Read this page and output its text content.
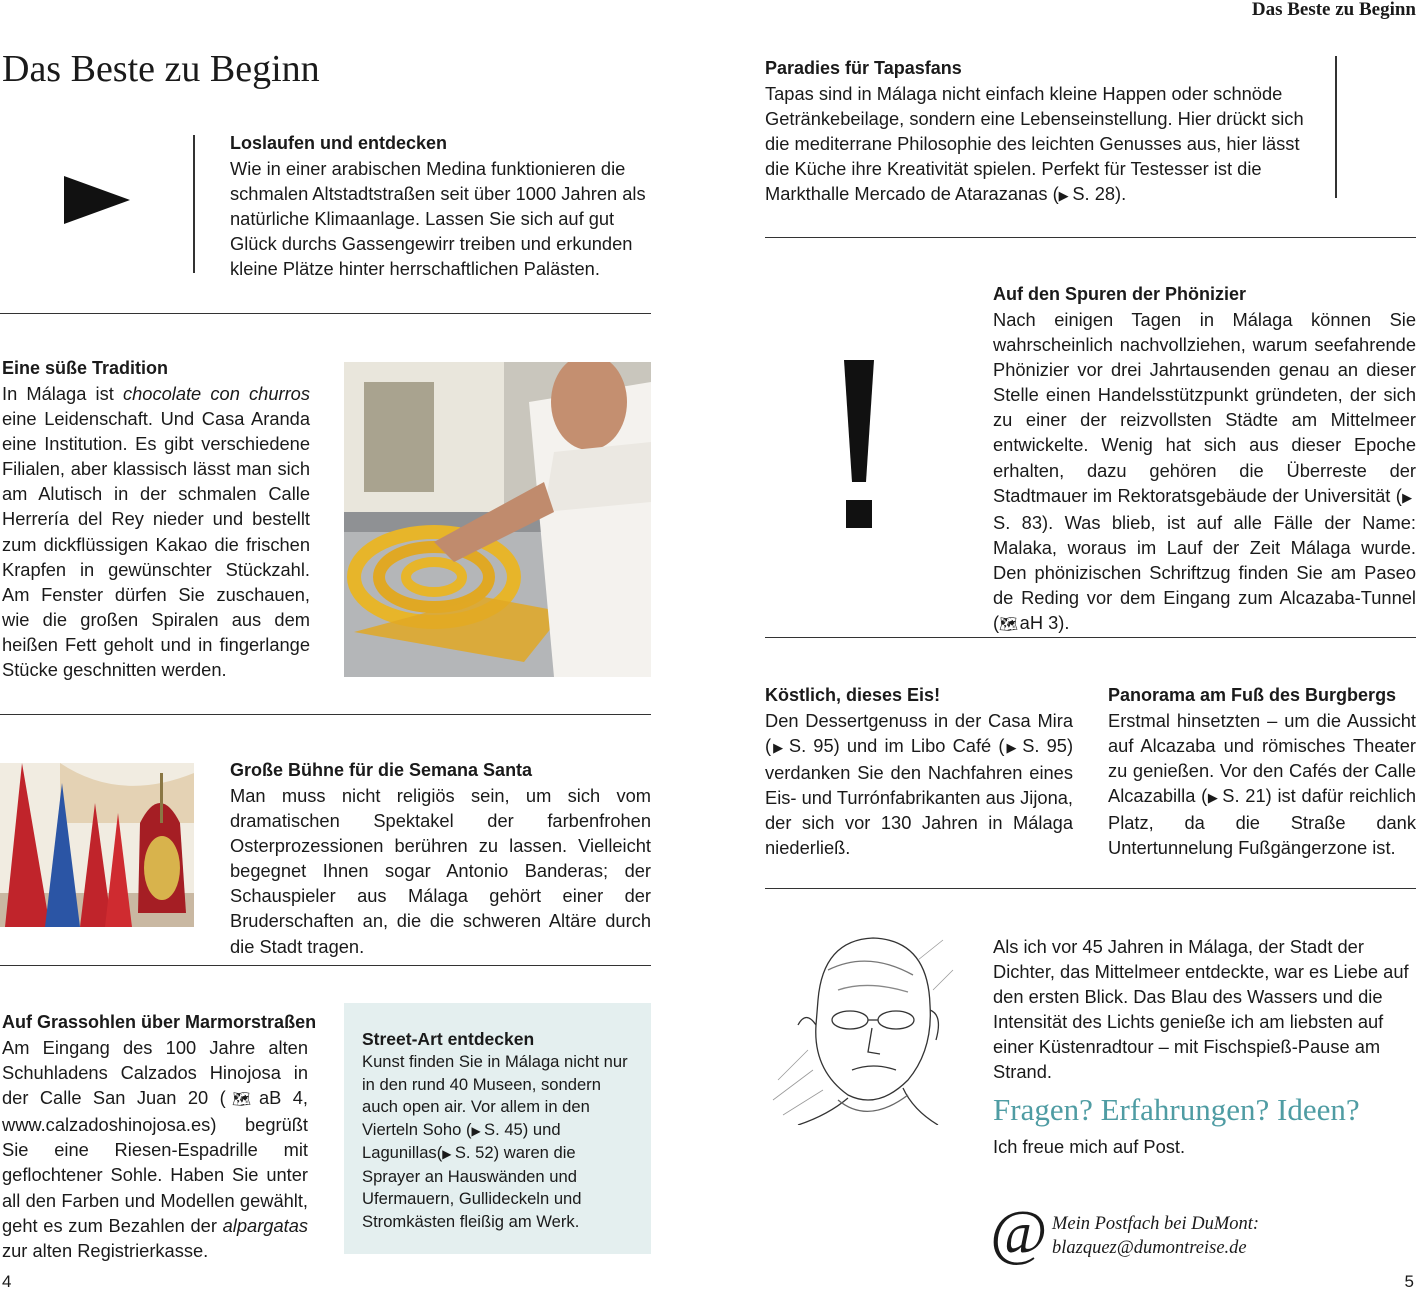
Das Beste zu Beginn
Das Beste zu Beginn
Loslaufen und entdecken
Wie in einer arabischen Medina funktionieren die schmalen Altstadtstraßen seit über 1000 Jahren als natürliche Klimaanlage. Lassen Sie sich auf gut Glück durchs Gassengewirr treiben und erkunden kleine Plätze hinter herrschaftlichen Palästen.
Eine süße Tradition
In Málaga ist chocolate con churros eine Leidenschaft. Und Casa Aranda eine Institution. Es gibt verschiedene Filialen, aber klassisch lässt man sich am Alutisch in der schmalen Calle Herrería del Rey nieder und bestellt zum dickflüssigen Kakao die frischen Krapfen in gewünschter Stückzahl. Am Fenster dürfen Sie zuschauen, wie die großen Spiralen aus dem heißen Fett geholt und in fingerlange Stücke geschnitten werden.
Große Bühne für die Semana Santa
Man muss nicht religiös sein, um sich vom dramatischen Spektakel der farbenfrohen Osterprozessionen berühren zu lassen. Vielleicht begegnet Ihnen sogar Antonio Banderas; der Schauspieler aus Málaga gehört einer der Bruderschaften an, die die schweren Altäre durch die Stadt tragen.
Auf Grassohlen über Marmorstraßen
Am Eingang des 100 Jahre alten Schuhladens Calzados Hinojosa in der Calle San Juan 20 (🗺 aB 4, www.calzadoshinojosa.es) begrüßt Sie eine Riesen-Espadrille mit geflochtener Sohle. Haben Sie unter all den Farben und Modellen gewählt, geht es zum Bezahlen der alpargatas zur alten Registrierkasse.
Street-Art entdecken
Kunst finden Sie in Málaga nicht nur in den rund 40 Museen, sondern auch open air. Vor allem in den Vierteln Soho (▶  S. 45) und Lagunillas(▶  S. 52) waren die Sprayer an Hauswänden und Ufermauern, Gullideckeln und Stromkästen fleißig am Werk.
4
Paradies für Tapasfans
Tapas sind in Málaga nicht einfach kleine Happen oder schnöde Getränkebeilage, sondern eine Lebenseinstellung. Hier drückt sich die mediterrane Philosophie des leichten Genusses aus, hier lässt die Küche ihre Kreativität spielen. Perfekt für Testesser ist die Markthalle Mercado de Atarazanas (▶  S. 28).
Auf den Spuren der Phönizier
Nach einigen Tagen in Málaga können Sie wahrscheinlich nachvollziehen, warum seefahrende Phönizier vor drei Jahrtausenden genau an dieser Stelle einen Handelsstützpunkt gründeten, der sich zu einer der reizvollsten Städte am Mittelmeer entwickelte. Wenig hat sich aus dieser Epoche erhalten, dazu gehören die Überreste der Stadtmauer im Rektoratsgebäude der Universität (▶ S. 83). Was blieb, ist auf alle Fälle der Name: Malaka, woraus im Lauf der Zeit Málaga wurde. Den phönizischen Schriftzug finden Sie am Paseo de Reding vor dem Eingang zum Alcazaba-Tunnel (🗺 aH 3).
Köstlich, dieses Eis!
Den Dessertgenuss in der Casa Mira (▶  S. 95) und im Libo Café (▶  S. 95) verdanken Sie den Nachfahren eines Eis- und Turrónfabrikanten aus Jijona, der sich vor 130 Jahren in Málaga niederließ.
Panorama am Fuß des Burgbergs
Erstmal hinsetzten – um die Aussicht auf Alcazaba und römisches Theater zu genießen. Vor den Cafés der Calle Alcazabilla (▶  S. 21) ist dafür reichlich Platz, da die Straße dank Untertunnelung Fußgängerzone ist.
Als ich vor 45 Jahren in Málaga, der Stadt der Dichter, das Mittelmeer entdeckte, war es Liebe auf den ersten Blick. Das Blau des Wassers und die Intensität des Lichts genieße ich am liebsten auf einer Küstenradtour – mit Fischspieß-Pause am Strand.
Fragen? Erfahrungen? Ideen?
Ich freue mich auf Post.
@ Mein Postfach bei DuMont:
blazquez@dumontreise.de
5
